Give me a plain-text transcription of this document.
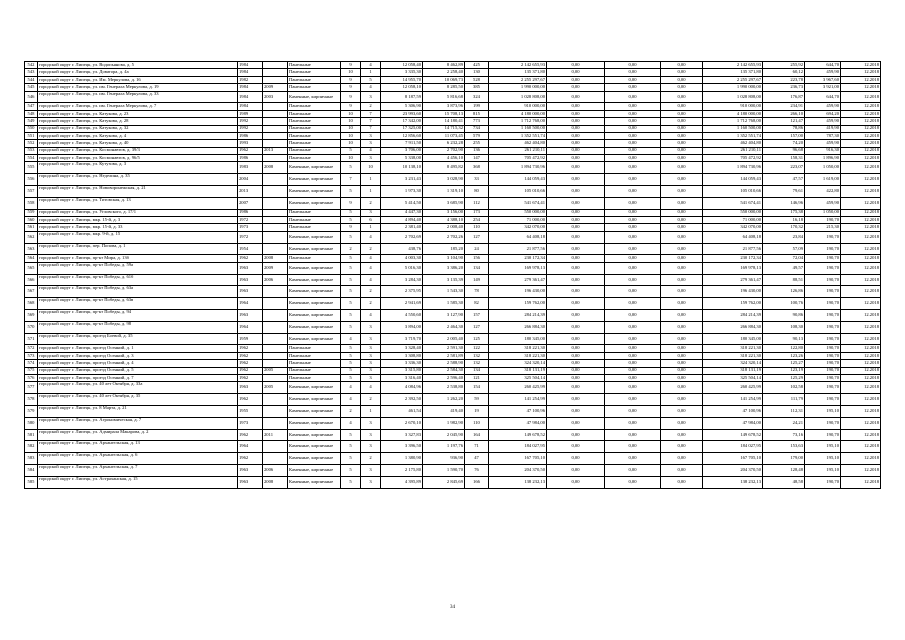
542	городской округ г. Липецк, ул. Водопьянова, д. 5	1984		Панельные	9	4	12 058,40	8 462,89	425	2 142 655,93	0,00	0,00	0,00	2 142 655,93	255,92	644,70	12.2018
543	городской округ г. Липецк, ул. Доватора, д. 4а	1984		Панельные	10	1	3 335,30	2 258,40	130	135 371,80	0,00	0,00	0,00	135 371,80	60,12	459,90	12.2018
544	городской округ г. Липецк, ул. Им. Меркулова, д. 16	1982		Панельные	9	5	14 955,70	10 069,73	528	2 255 297,67	0,00	0,00	0,00	2 255 297,67	223,78	3 967,60	12.2018
545	городской округ г. Липецк, ул. им. Генерала Меркулова, д. 19	1984	2009	Панельные	9	4	12 058,10	8 285,50	385	1 990 000,00	0,00	0,00	0,00	1 990 000,00	236,73	3 921,00	12.2018
546	городской округ г. Липецк, ул. им. Генерала Меркулова, д. 33	1984	2003	Каменные, кирпичные	9	3	8 187,59	5 816,68	324	1 028 808,00	0,00	0,00	0,00	1 028 808,00	176,87	644,70	12.2018
547	городской округ г. Липецк, ул. им. Генерала Меркулова, д. 7	1984		Панельные	9	2	5 306,90	3 873,96	199	910 000,00	0,00	0,00	0,00	910 000,00	234,91	459,90	12.2018
548	городской округ г. Липецк, ул. Катукова, д. 23	1989		Панельные	10	7	23 993,60	15 708,13	815	4 180 000,00	0,00	0,00	0,00	4 180 000,00	266,10	694,20	12.2018
549	городской округ г. Липецк, ул. Катукова, д. 28	1992		Панельные	10	7	17 342,00	14 180,41	773	1 712 768,00	0,00	0,00	0,00	1 712 768,00	121,47	459,90	12.2018
550	городской округ г. Липецк, ул. Катукова, д. 32	1992		Панельные	10	7	17 325,00	14 715,32	734	1 160 500,00	0,00	0,00	0,00	1 160 500,00	78,86	419,90	12.2018
551	городской округ г. Липецк, ул. Катукова, д. 4	1986		Панельные	10	3	12 856,60	11 073,45	579	1 352 551,74	0,00	0,00	0,00	1 352 551,74	157,00	787,30	12.2018
552	городской округ г. Липецк, ул. Катукова, д. 40	1993		Панельные	10	3	7 911,50	6 232,28	255	462 404,80	0,00	0,00	0,00	462 404,80	74,20	459,90	12.2018
553	городской округ г. Липецк, ул. Космонавтов, д. 39/3	1962	2013	Панельные	5	4	3 706,00	2 702,90	136	261 210,11	0,00	0,00	0,00	261 210,11	96,68	916,30	12.2018
554	городской округ г. Липецк, ул. Космонавтов, д. 96/5	1986		Панельные	10	3	5 338,00	4 456,10	147	705 472,92	0,00	0,00	0,00	705 472,92	158,31	1 896,90	12.2018
555	городской округ г. Липецк, ул. Кутузова, д. 3	1983	2008	Каменные, кирпичные	5	10	10 138,10	8 495,82	368	1 894 730,96	0,00	0,00	0,00	1 894 730,96	223,07	1 050,00	12.2018
556	городской округ г. Липецк, ул. Неделина, д. 35	2004		Каменные, кирпичные	7	1	3 231,43	3 028,90	33	144 059,43	0,00	0,00	0,00	144 059,43	47,57	1 619,00	12.2018
557	городской округ г. Липецк, ул. Нововоронежская, д. 21	2013		Каменные, кирпичные	5	1	1 973,30	1 319,10	80	105 010,66	0,00	0,00	0,00	105 010,66	79,61	422,80	12.2018
558	городской округ г. Липецк, ул. Титовская, д. 13	2007		Каменные, кирпичные	9	2	5 414,50	3 685,90	112	541 674,41	0,00	0,00	0,00	541 674,41	146,96	459,90	12.2018
559	городской округ г. Липецк, ул. Угловского, д. 17/1	1986		Панельные	5	3	4 447,30	3 156,00	173	550 000,00	0,00	0,00	0,00	550 000,00	175,38	1 050,00	12.2018
560	городской округ г. Липецк, мкр. 15-й, д. 3	1972		Панельные	5	6	4 894,40	4 388,10	254	71 000,00	0,00	0,00	0,00	71 000,00	16,18	190,70	12.2018
561	городской округ г. Липецк, мкр. 15-й, д. 33	1973		Панельные	9	1	2 381,40	2 008,40	110	342 070,00	0,00	0,00	0,00	342 070,00	170,32	215,30	12.2018
562	городской округ г. Липецк, мкр. 9-й, д. 15	1972		Каменные, кирпичные	5	4	2 702,69	2 702,26	127	64 408,18	0,00	0,00	0,00	64 408,18	23,84	190,70	12.2018
563	городской округ г. Липецк, пер. Попова, д. 1	1954		Каменные, кирпичные	2	2	438,76	185,20	24	21 877,56	0,00	0,00	0,00	21 877,56	57,09	190,70	12.2018
564	городской округ г. Липецк, пр-кт Мира, д. 13б	1962	2008	Панельные	5	4	4 003,30	3 104,90	156	230 172,34	0,00	0,00	0,00	230 172,34	72,04	190,70	12.2018
565	городской округ г. Липецк, пр-кт Победы, д. 59а	1963	2009	Каменные, кирпичные	5	4	5 016,30	3 386,20	134	169 978,13	0,00	0,00	0,00	169 978,13	49,57	190,70	12.2018
566	городской округ г. Липецк, пр-кт Победы, д. 61б	1963	2006	Каменные, кирпичные	5	4	3 284,30	3 135,39	149	279 361,47	0,00	0,00	0,00	279 361,47	88,51	190,70	12.2018
567	городской округ г. Липецк, пр-кт Победы, д. 63а	1963		Каменные, кирпичные	5	2	2 375,95	1 543,30	78	196 430,00	0,00	0,00	0,00	196 430,00	126,86	190,70	12.2018
568	городской округ г. Липецк, пр-кт Победы, д. 63в	1964		Каменные, кирпичные	5	2	2 941,69	1 585,30	82	159 762,00	0,00	0,00	0,00	159 762,00	100,76	190,70	12.2018
569	городской округ г. Липецк, пр-кт Победы, д. 94	1963		Каменные, кирпичные	5	4	4 550,60	3 127,90	157	284 214,39	0,00	0,00	0,00	284 214,39	90,86	190,70	12.2018
570	городской округ г. Липецк, пр-кт Победы, д. 98	1964		Каменные, кирпичные	5	3	3 894,00	2 464,30	127	266 884,30	0,00	0,00	0,00	266 884,30	108,30	190,70	12.2018
571	городской округ г. Липецк, проезд Боевой, д. 35	1959		Каменные, кирпичные	4	3	3 719,70	2 005,40	125	180 345,00	0,00	0,00	0,00	180 345,00	90,13	190,70	12.2018
572	городской округ г. Липецк, проезд Осенний, д. 1	1962		Панельные	5	3	3 328,40	2 591,30	122	318 221,30	0,00	0,00	0,00	318 221,30	122,80	190,70	12.2018
573	городской округ г. Липецк, проезд Осенний, д. 3	1962		Панельные	5	3	3 308,80	2 581,89	132	318 221,30	0,00	0,00	0,00	318 221,30	123,26	190,70	12.2018
574	городской округ г. Липецк, проезд Осенний, д. 4	1962		Панельные	5	3	3 336,30	2 588,90	132	324 320,14	0,00	0,00	0,00	324 320,14	125,27	190,70	12.2018
575	городской округ г. Липецк, проезд Осенний, д. 5	1962	2005	Панельные	5	3	3 315,80	2 584,30	134	318 131,19	0,00	0,00	0,00	318 131,19	123,19	190,70	12.2018
576	городской округ г. Липецк, проезд Осенний, д. 7	1962		Панельные	5	3	3 316,40	2 596,40	121	325 504,14	0,00	0,00	0,00	325 504,14	125,29	190,70	12.2018
577	городской округ г. Липецк, ул. 40 лет Октября, д. 33а	1963	2005	Каменные, кирпичные	4	4	4 084,96	2 538,80	154	260 425,99	0,00	0,00	0,00	260 425,99	102,58	190,70	12.2018
578	городской округ г. Липецк, ул. 40 лет Октября, д. 35	1962		Каменные, кирпичные	4	2	2 392,50	1 262,20	59	141 254,99	0,00	0,00	0,00	141 254,99	111,79	190,70	12.2018
579	городской округ г. Липецк, ул. 8 Марта, д. 21	1955		Каменные, кирпичные	2	1	461,54	419,40	19	47 100,96	0,00	0,00	0,00	47 100,96	112,31	195,10	12.2018
580	городской округ г. Липецк, ул. Агрономическая, д. 7	1973		Каменные, кирпичные	4	3	2 670,10	1 982,90	110	47 984,00	0,00	0,00	0,00	47 984,00	24,21	190,70	12.2018
581	городской округ г. Липецк, ул. Адмирала Макарова, д. 2	1962	2011	Каменные, кирпичные	5	3	3 327,83	2 045,90	164	149 678,52	0,00	0,00	0,00	149 678,52	73,16	190,70	12.2018
582	городской округ г. Липецк, ул. Архангельская, д. 13	1964		Каменные, кирпичные	5	3	3 396,50	1 197,76	71	184 027,95	0,00	0,00	0,00	184 027,95	153,63	195,10	12.2018
583	городской округ г. Липецк, ул. Архангельская, д. 6	1962		Каменные, кирпичные	5	2	1 380,90	936,90	47	167 705,10	0,00	0,00	0,00	167 705,10	179,00	195,10	12.2018
584	городской округ г. Липецк, ул. Архангельская, д. 7	1963	2006	Каменные, кирпичные	5	3	2 175,80	1 590,70	76	204 370,50	0,00	0,00	0,00	204 370,50	128,48	195,10	12.2018
585	городской округ г. Липецк, ул. Астраханская, д. 15	1963	2008	Каменные, кирпичные	5	3	4 395,89	2 845,69	166	138 232,13	0,00	0,00	0,00	138 232,13	48,58	190,70	12.2018
34
